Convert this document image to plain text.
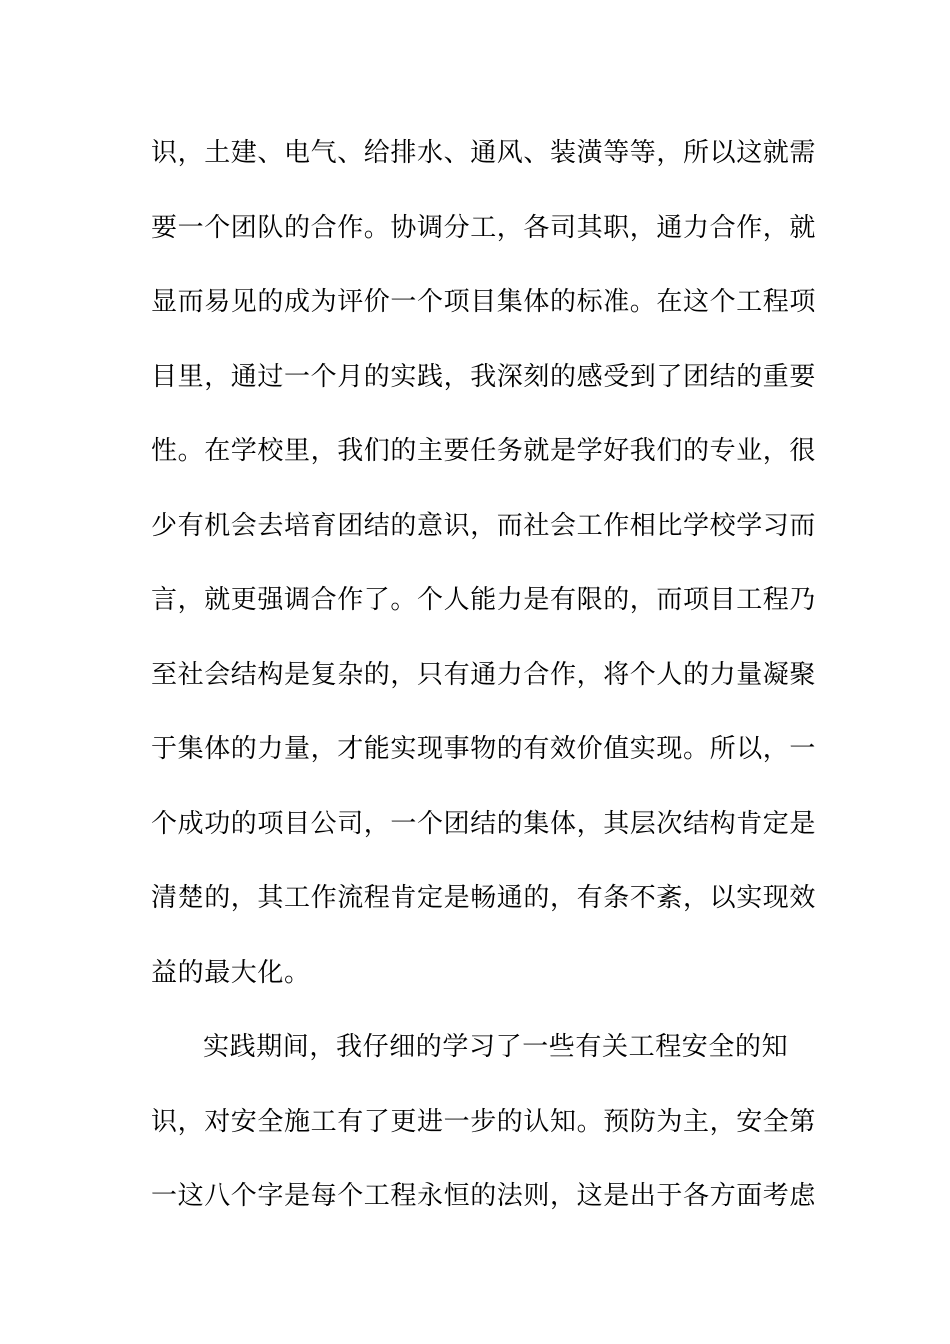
识，土建、电气、给排水、通风、装潢等等，所以这就需
要一个团队的合作。协调分工，各司其职，通力合作，就
显而易见的成为评价一个项目集体的标准。在这个工程项
目里，通过一个月的实践，我深刻的感受到了团结的重要
性。在学校里，我们的主要任务就是学好我们的专业，很
少有机会去培育团结的意识，而社会工作相比学校学习而
言，就更强调合作了。个人能力是有限的，而项目工程乃
至社会结构是复杂的，只有通力合作，将个人的力量凝聚
于集体的力量，才能实现事物的有效价值实现。所以，一
个成功的项目公司，一个团结的集体，其层次结构肯定是
清楚的，其工作流程肯定是畅通的，有条不紊，以实现效
益的最大化。
实践期间，我仔细的学习了一些有关工程安全的知
识，对安全施工有了更进一步的认知。预防为主，安全第
一这八个字是每个工程永恒的法则，这是出于各方面考虑
